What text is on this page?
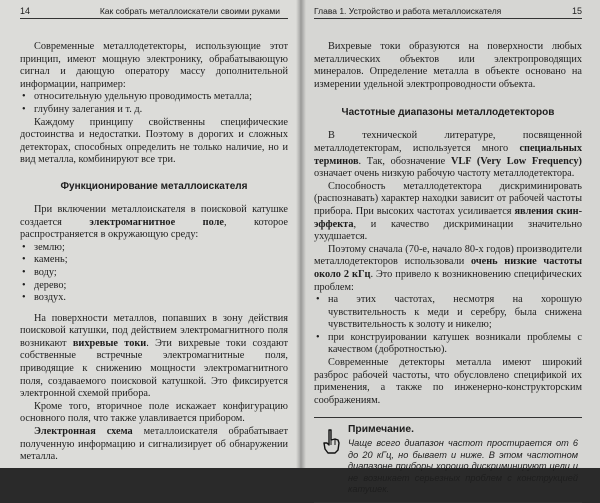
14	Как собрать металлоискатели своими руками

Современные металлодетекторы, использующие этот принцип, имеют мощную электронику, обрабатывающую сигнал и дающую оператору массу дополнительной информации, например:

• относительную удельную проводимость металла;
• глубину залегания и т. д.

Каждому принципу свойственны специфические достоинства и недостатки. Поэтому в дорогих и сложных детекторах, способных определить не только наличие, но и вид металла, комбинируют все три.

Функционирование металлоискателя

При включении металлоискателя в поисковой катушке создается электромагнитное поле, которое распространяется в окружающую среду:

• землю;
• камень;
• воду;
• дерево;
• воздух.

На поверхности металлов, попавших в зону действия поисковой катушки, под действием электромагнитного поля возникают вихревые токи. Эти вихревые токи создают собственные встречные электромагнитные поля, приводящие к снижению мощности электромагнитного поля, создаваемого поисковой катушкой. Это фиксируется электронной схемой прибора.

Кроме того, вторичное поле искажает конфигурацию основного поля, что также улавливается прибором.

Электронная схема металлоискателя обрабатывает полученную информацию и сигнализирует об обнаружении металла.

Глава 1. Устройство и работа металлоискателя	15

Вихревые токи образуются на поверхности любых металлических объектов или электропроводящих минералов. Определение металла в объекте основано на измерении удельной электропроводности объекта.

Частотные диапазоны металлодетекторов

В технической литературе, посвященной металлодетекторам, используется много специальных терминов. Так, обозначение VLF (Very Low Frequency) означает очень низкую рабочую частоту металлодетектора.

Способность металлодетектора дискриминировать (распознавать) характер находки зависит от рабочей частоты прибора. При высоких частотах усиливается явления скин-эффекта, и качество дискриминации значительно ухудшается.

Поэтому сначала (70-е, начало 80-х годов) производители металлодетекторов использовали очень низкие частоты около 2 кГц. Это привело к возникновению специфических проблем:

• на этих частотах, несмотря на хорошую чувствительность к меди и серебру, была снижена чувствительность к золоту и никелю;
• при конструировании катушек возникали проблемы с качеством (добротностью).

Современные детекторы металла имеют широкий разброс рабочей частоты, что обусловлено спецификой их применения, а также по инженерно-конструкторским соображениям.

Примечание.
Чаще всего диапазон частот простирается от 6 до 20 кГц, но бывает и ниже. В этом частотном диапазоне приборы хорошо дискриминируют цели и не возникает серьезных проблем с конструкцией катушек.
